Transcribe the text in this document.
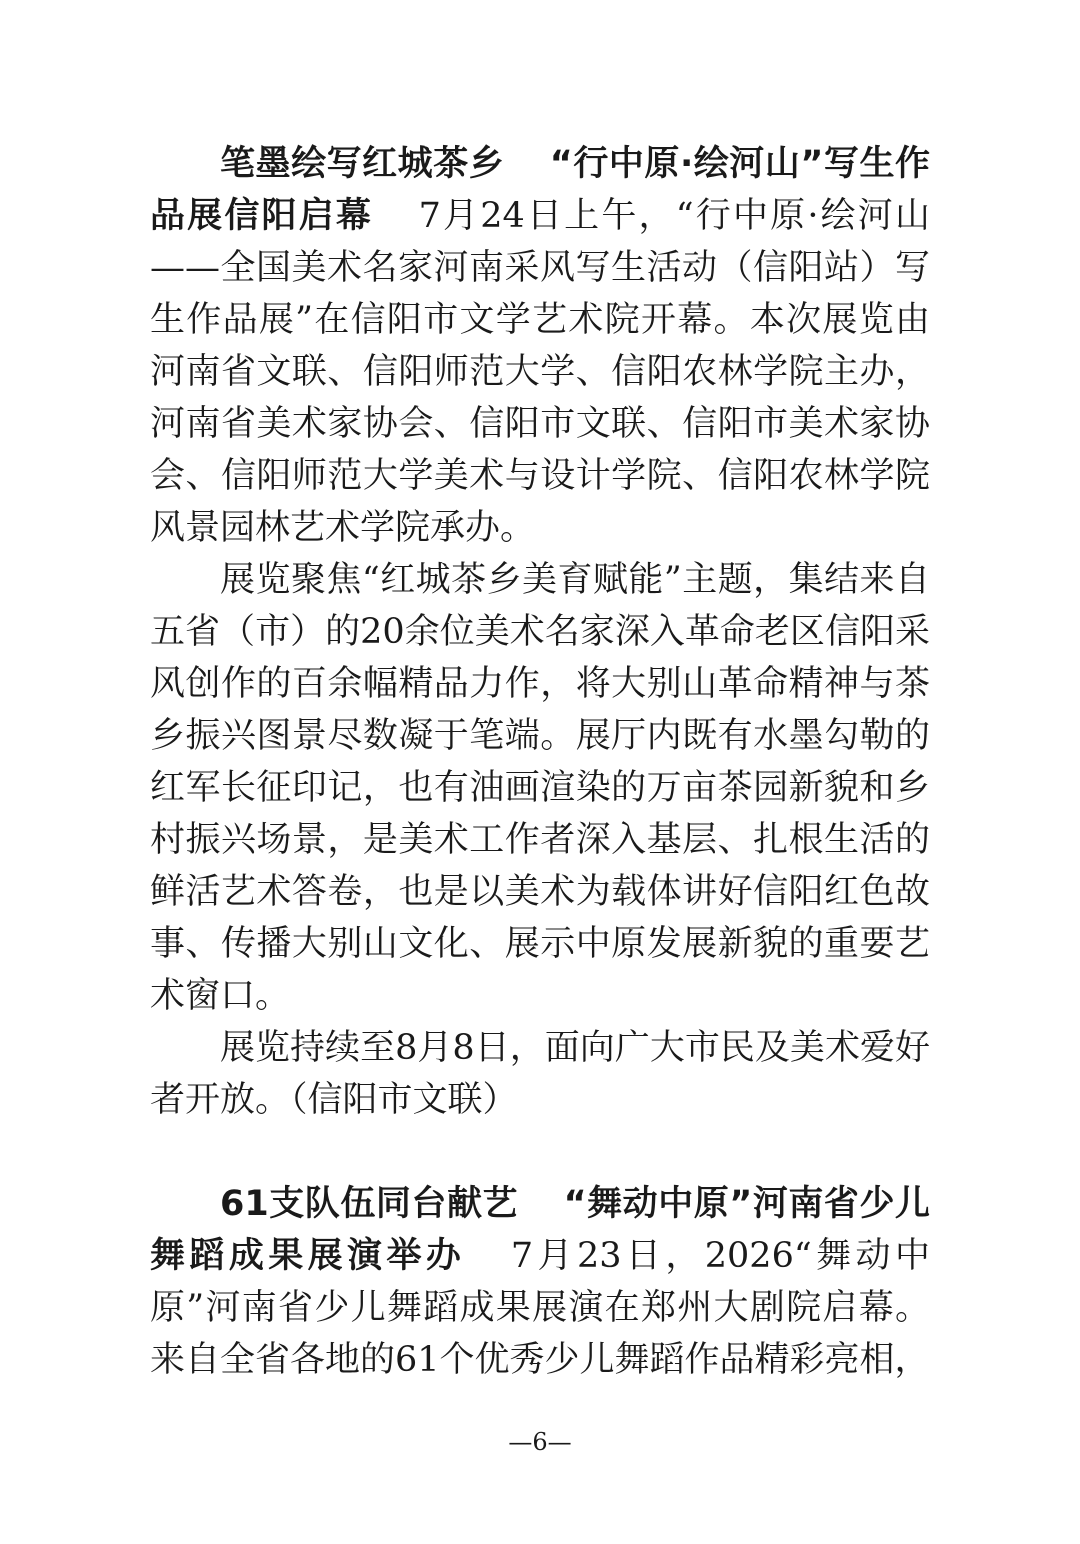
笔墨绘写红城茶乡 “行中原·绘河山”写生作品展信阳启幕 7月24日上午，“行中原·绘河山——全国美术名家河南采风写生活动（信阳站）写生作品展”在信阳市文学艺术院开幕。本次展览由河南省文联、信阳师范大学、信阳农林学院主办，河南省美术家协会、信阳市文联、信阳市美术家协会、信阳师范大学美术与设计学院、信阳农林学院风景园林艺术学院承办。

展览聚焦“红城茶乡美育赋能”主题，集结来自五省（市）的20余位美术名家深入革命老区信阳采风创作的百余幅精品力作，将大别山革命精神与茶乡振兴图景尽数凝于笔端。展厅内既有水墨勾勒的红军长征印记，也有油画渲染的万亩茶园新貌和乡村振兴场景，是美术工作者深入基层、扎根生活的鲜活艺术答卷，也是以美术为载体讲好信阳红色故事、传播大别山文化、展示中原发展新貌的重要艺术窗口。

展览持续至8月8日，面向广大市民及美术爱好者开放。（信阳市文联）

61支队伍同台献艺 “舞动中原”河南省少儿舞蹈成果展演举办 7月23日，2026“舞动中原”河南省少儿舞蹈成果展演在郑州大剧院启幕。来自全省各地的61个优秀少儿舞蹈作品精彩亮相，

—6—
